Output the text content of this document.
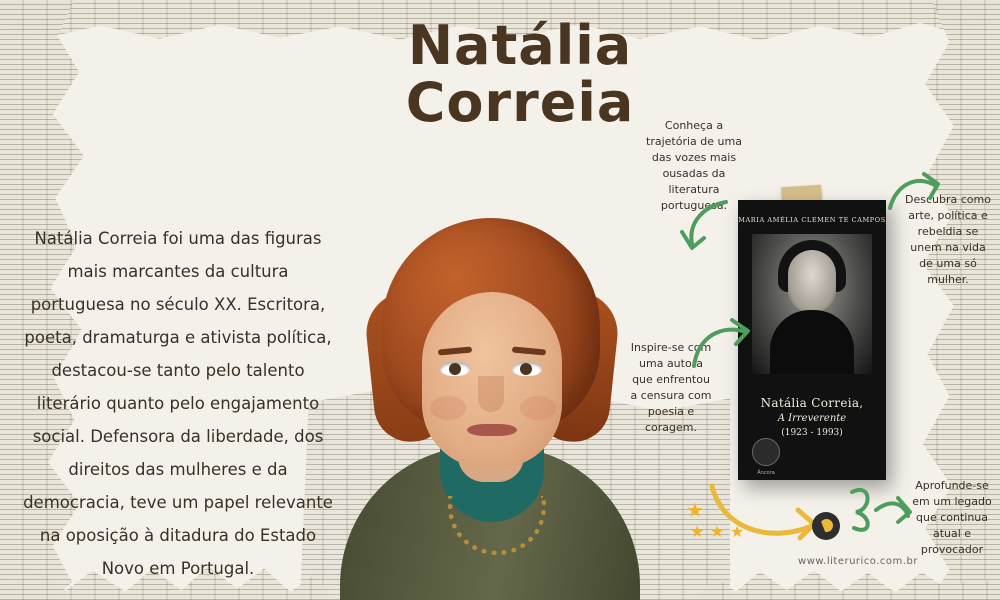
Natália
Correia
Natália Correia foi uma das figuras mais marcantes da cultura portuguesa no século XX. Escritora, poeta, dramaturga e ativista política, destacou-se tanto pelo talento literário quanto pelo engajamento social. Defensora da liberdade, dos direitos das mulheres e da democracia, teve um papel relevante na oposição à ditadura do Estado Novo em Portugal.
MARIA AMÉLIA CLEMEN TE CAMPOS
Natália Correia,
A Irreverente
(1923 - 1993)
Âncora
Conheça a trajetória de uma das vozes mais ousadas da literatura portuguesa.	Descubra como arte, política e rebeldia se unem na vida de uma só mulher.
Inspire-se com uma autora que enfrentou a censura com poesia e coragem.
Aprofunde-se em um legado que continua atual e provocador
★
★ ★ ★
www.literurico.com.br
